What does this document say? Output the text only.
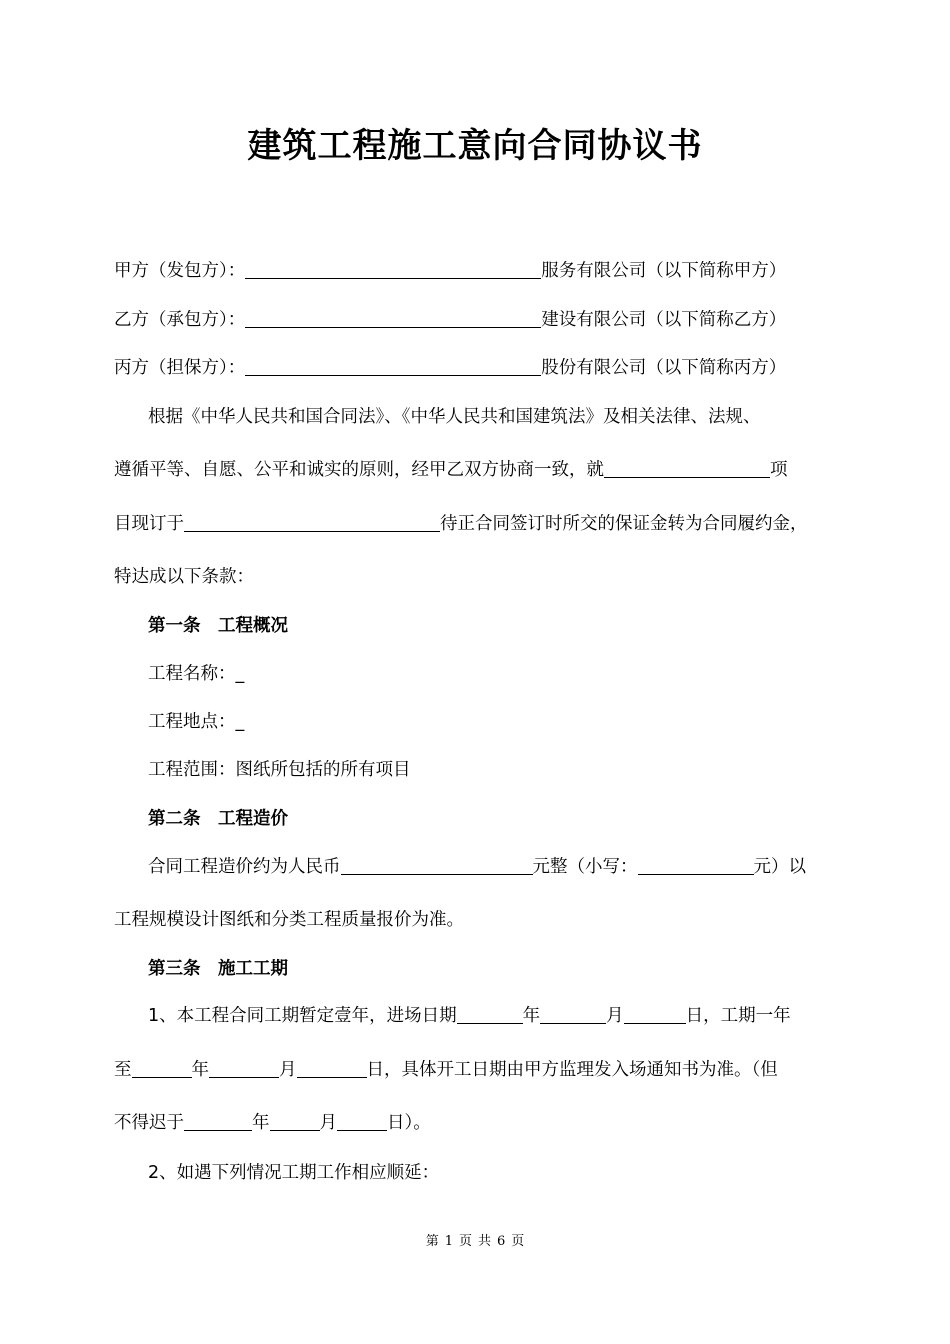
建筑工程施工意向合同协议书
甲方（发包方）：	服务有限公司（以下简称甲方）
乙方（承包方）：	建设有限公司（以下简称乙方）
丙方（担保方）：	股份有限公司（以下简称丙方）
根据《中华人民共和国合同法》、《中华人民共和国建筑法》及相关法律、法规、
遵循平等、自愿、公平和诚实的原则，经甲乙双方协商一致，就	项
目现订于	待正合同签订时所交的保证金转为合同履约金，
特达成以下条款：
第一条　工程概况
工程名称：_
工程地点：_
工程范围：图纸所包括的所有项目
第二条　工程造价
合同工程造价约为人民币	元整（小写：	元）以
工程规模设计图纸和分类工程质量报价为准。
第三条　施工工期
1、本工程合同工期暂定壹年，进场日期	年	月	日，工期一年
至	年	月	日，具体开工日期由甲方监理发入场通知书为准。（但
不得迟于	年	月	日）。
2、如遇下列情况工期工作相应顺延：
第 1 页 共 6 页
